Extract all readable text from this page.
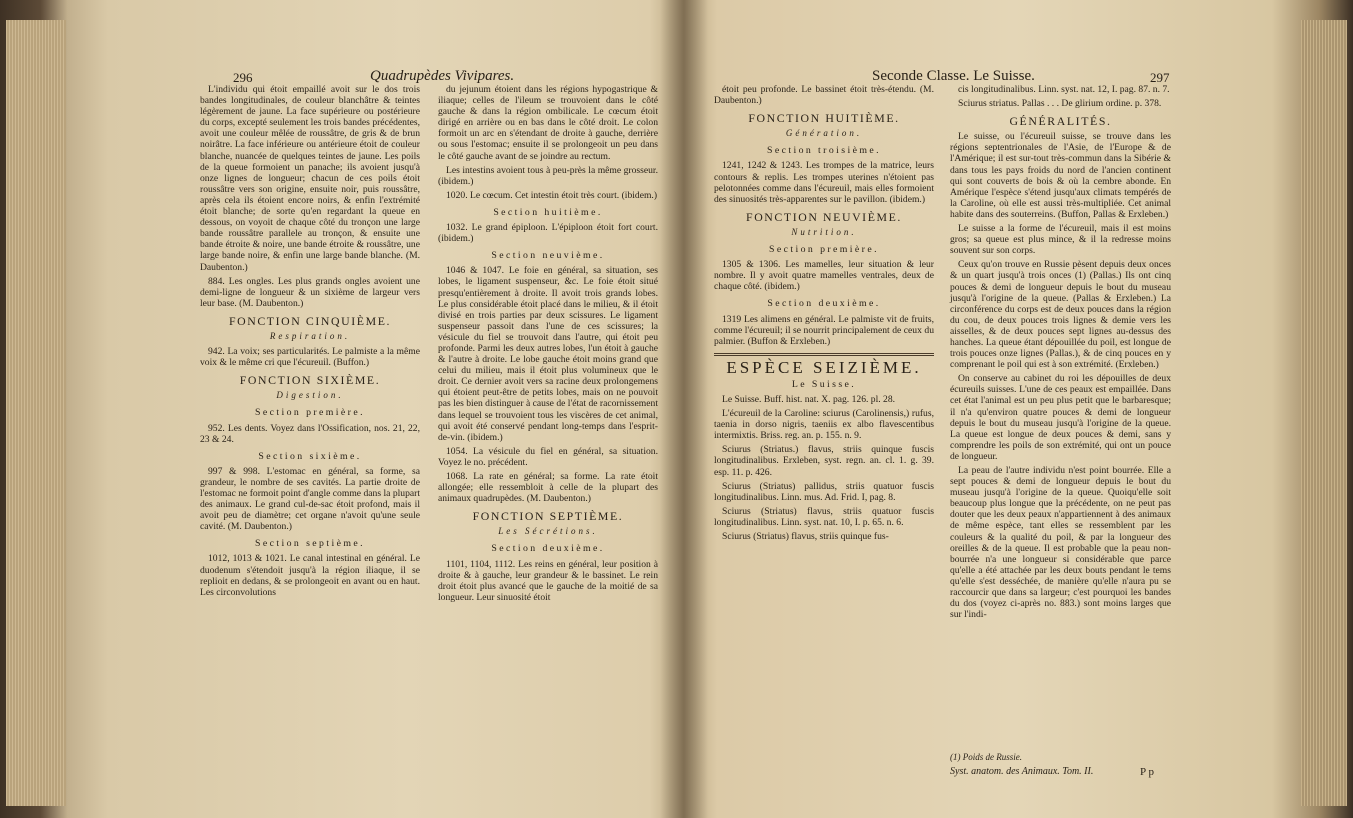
296	Quadrupèdes Vivipares.	Seconde Classe. Le Suisse.	297

L'individu qui étoit empaillé avoit sur le dos trois bandes longitudinales, de couleur blanchâtre & teintes légèrement de jaune. La face supérieure ou postérieure du corps, excepté seulement les trois bandes précédentes, avoit une couleur mêlée de roussâtre, de gris & de brun noirâtre. La face inférieure ou antérieure étoit de couleur blanche, nuancée de quelques teintes de jaune. Les poils de la queue formoient un panache; ils avoient jusqu'à onze lignes de longueur; chacun de ces poils étoit roussâtre vers son origine, ensuite noir, puis roussâtre, après cela ils étoient encore noirs, & enfin l'extrémité étoit blanche; de sorte qu'en regardant la queue en dessous, on voyoit de chaque côté du tronçon une large bande roussâtre parallele au tronçon, & ensuite une bande étroite & noire, une bande étroite & roussâtre, une large bande noire, & enfin une large bande blanche. (M. Daubenton.)

884. Les ongles. Les plus grands ongles avoient une demi-ligne de longueur & un sixième de largeur vers leur base. (M. Daubenton.)

FONCTION CINQUIÈME.
Respiration.

942. La voix; ses particularités. Le palmiste a la même voix & le même cri que l'écureuil. (Buffon.)

FONCTION SIXIÈME.
Digestion.
Section première.

952. Les dents. Voyez dans l'Ossification, nos. 21, 22, 23 & 24.

Section sixième.

997 & 998. L'estomac en général, sa forme, sa grandeur, le nombre de ses cavités. La partie droite de l'estomac ne formoit point d'angle comme dans la plupart des animaux. Le grand cul-de-sac étoit profond, mais il avoit peu de diamètre; cet organe n'avoit qu'une seule cavité. (M. Daubenton.)

Section septième.

1012, 1013 & 1021. Le canal intestinal en général. Le duodenum s'étendoit jusqu'à la région iliaque, il se replioit en dedans, & se prolongeoit en avant ou en haut. Les circonvolutions

du jejunum étoient dans les régions hypogastrique & iliaque; celles de l'ileum se trouvoient dans le côté gauche & dans la région ombilicale. Le cœcum étoit dirigé en arrière ou en bas dans le côté droit. Le colon formoit un arc en s'étendant de droite à gauche, derrière ou sous l'estomac; ensuite il se prolongeoit un peu dans le côté gauche avant de se joindre au rectum.

Les intestins avoient tous à peu-près la même grosseur. (ibidem.)

1020. Le cœcum. Cet intestin étoit très court. (ibidem.)

Section huitième.

1032. Le grand épiploon. L'épiploon étoit fort court. (ibidem.)

Section neuvième.

1046 & 1047. Le foie en général, sa situation, ses lobes, le ligament suspenseur, &c. Le foie étoit situé presqu'entièrement à droite. Il avoit trois grands lobes. Le plus considérable étoit placé dans le milieu, & il étoit divisé en trois parties par deux scissures. Le ligament suspenseur passoit dans l'une de ces scissures; la vésicule du fiel se trouvoit dans l'autre, qui étoit peu profonde. Parmi les deux autres lobes, l'un étoit à gauche & l'autre à droite. Le lobe gauche étoit moins grand que celui du milieu, mais il étoit plus volumineux que le droit. Ce dernier avoit vers sa racine deux prolongemens qui étoient peut-être de petits lobes, mais on ne pouvoit pas les bien distinguer à cause de l'état de racornissement dans lequel se trouvoient tous les viscères de cet animal, qui avoit été conservé pendant long-temps dans l'esprit-de-vin. (ibidem.)

1054. La vésicule du fiel en général, sa situation. Voyez le no. précédent.

1068. La rate en général; sa forme. La rate étoit allongée; elle ressembloit à celle de la plupart des animaux quadrupèdes. (M. Daubenton.)

FONCTION SEPTIÈME.
Les Sécrétions.
Section deuxième.

1101, 1104, 1112. Les reins en général, leur position à droite & à gauche, leur grandeur & le bassinet. Le rein droit étoit plus avancé que le gauche de la moitié de sa longueur. Leur sinuosité étoit

étoit peu profonde. Le bassinet étoit très-étendu. (M. Daubenton.)

FONCTION HUITIÈME.
Génération.
Section troisième.

1241, 1242 & 1243. Les trompes de la matrice, leurs contours & replis. Les trompes uterines n'étoient pas pelotonnées comme dans l'écureuil, mais elles formoient des sinuosités très-apparentes sur le pavillon. (ibidem.)

FONCTION NEUVIÈME.
Nutrition.
Section première.

1305 & 1306. Les mamelles, leur situation & leur nombre. Il y avoit quatre mamelles ventrales, deux de chaque côté. (ibidem.)

Section deuxième.

1319 Les alimens en général. Le palmiste vit de fruits, comme l'écureuil; il se nourrit principalement de ceux du palmier. (Buffon & Erxleben.)

ESPÈCE SEIZIÈME.
Le Suisse.

Le Suisse. Buff. hist. nat. X. pag. 126. pl. 28.

L'écureuil de la Caroline: sciurus (Carolinensis,) rufus, taenia in dorso nigris, taeniis ex albo flavescentibus intermixtis. Briss. reg. an. p. 155. n. 9.

Sciurus (Striatus.) flavus, striis quinque fuscis longitudinalibus. Erxleben, syst. regn. an. cl. 1. g. 39. esp. 11. p. 426.

Sciurus (Striatus) pallidus, striis quatuor fuscis longitudinalibus. Linn. mus. Ad. Frid. I, pag. 8.

Sciurus (Striatus) flavus, striis quatuor fuscis longitudinalibus. Linn. syst. nat. 10, I. p. 65. n. 6.

Sciurus (Striatus) flavus, striis quinque fus-

cis longitudinalibus. Linn. syst. nat. 12, I. pag. 87. n. 7.

Sciurus striatus. Pallas . . . De glirium ordine. p. 378.

GÉNÉRALITÉS.

Le suisse, ou l'écureuil suisse, se trouve dans les régions septentrionales de l'Asie, de l'Europe & de l'Amérique; il est sur-tout très-commun dans la Sibérie & dans tous les pays froids du nord de l'ancien continent qui sont couverts de bois & où la cembre abonde. En Amérique l'espèce s'étend jusqu'aux climats tempérés de la Caroline, où elle est aussi très-multipliée. Cet animal habite dans des souterreins. (Buffon, Pallas & Erxleben.)

Le suisse a la forme de l'écureuil, mais il est moins gros; sa queue est plus mince, & il la redresse moins souvent sur son corps.

Ceux qu'on trouve en Russie pèsent depuis deux onces & un quart jusqu'à trois onces (1) (Pallas.) Ils ont cinq pouces & demi de longueur depuis le bout du museau jusqu'à l'origine de la queue. (Pallas & Erxleben.) La circonférence du corps est de deux pouces dans la région du cou, de deux pouces trois lignes & demie vers les aisselles, & de deux pouces sept lignes au-dessus des hanches. La queue étant dépouillée du poil, est longue de trois pouces onze lignes (Pallas.), & de cinq pouces en y comprenant le poil qui est à son extrémité. (Erxleben.)

On conserve au cabinet du roi les dépouilles de deux écureuils suisses. L'une de ces peaux est empaillée. Dans cet état l'animal est un peu plus petit que le barbaresque; il n'a qu'environ quatre pouces & demi de longueur depuis le bout du museau jusqu'à l'origine de la queue. La queue est longue de deux pouces & demi, sans y comprendre les poils de son extrémité, qui ont un pouce de longueur.

La peau de l'autre individu n'est point bourrée. Elle a sept pouces & demi de longueur depuis le bout du museau jusqu'à l'origine de la queue. Quoiqu'elle soit beaucoup plus longue que la précédente, on ne peut pas douter que les deux peaux n'appartiennent à des animaux de même espèce, tant elles se ressemblent par les couleurs & la qualité du poil, & par la longueur des oreilles & de la queue. Il est probable que la peau non-bourrée n'a une longueur si considérable que parce qu'elle a été attachée par les deux bouts pendant le tems qu'elle s'est desséchée, de manière qu'elle n'aura pu se raccourcir que dans sa largeur; c'est pourquoi les bandes du dos (voyez ci-après no. 883.) sont moins larges que sur l'indi-

(1) Poids de Russie.
Syst. anatom. des Animaux. Tom. II.	P p
